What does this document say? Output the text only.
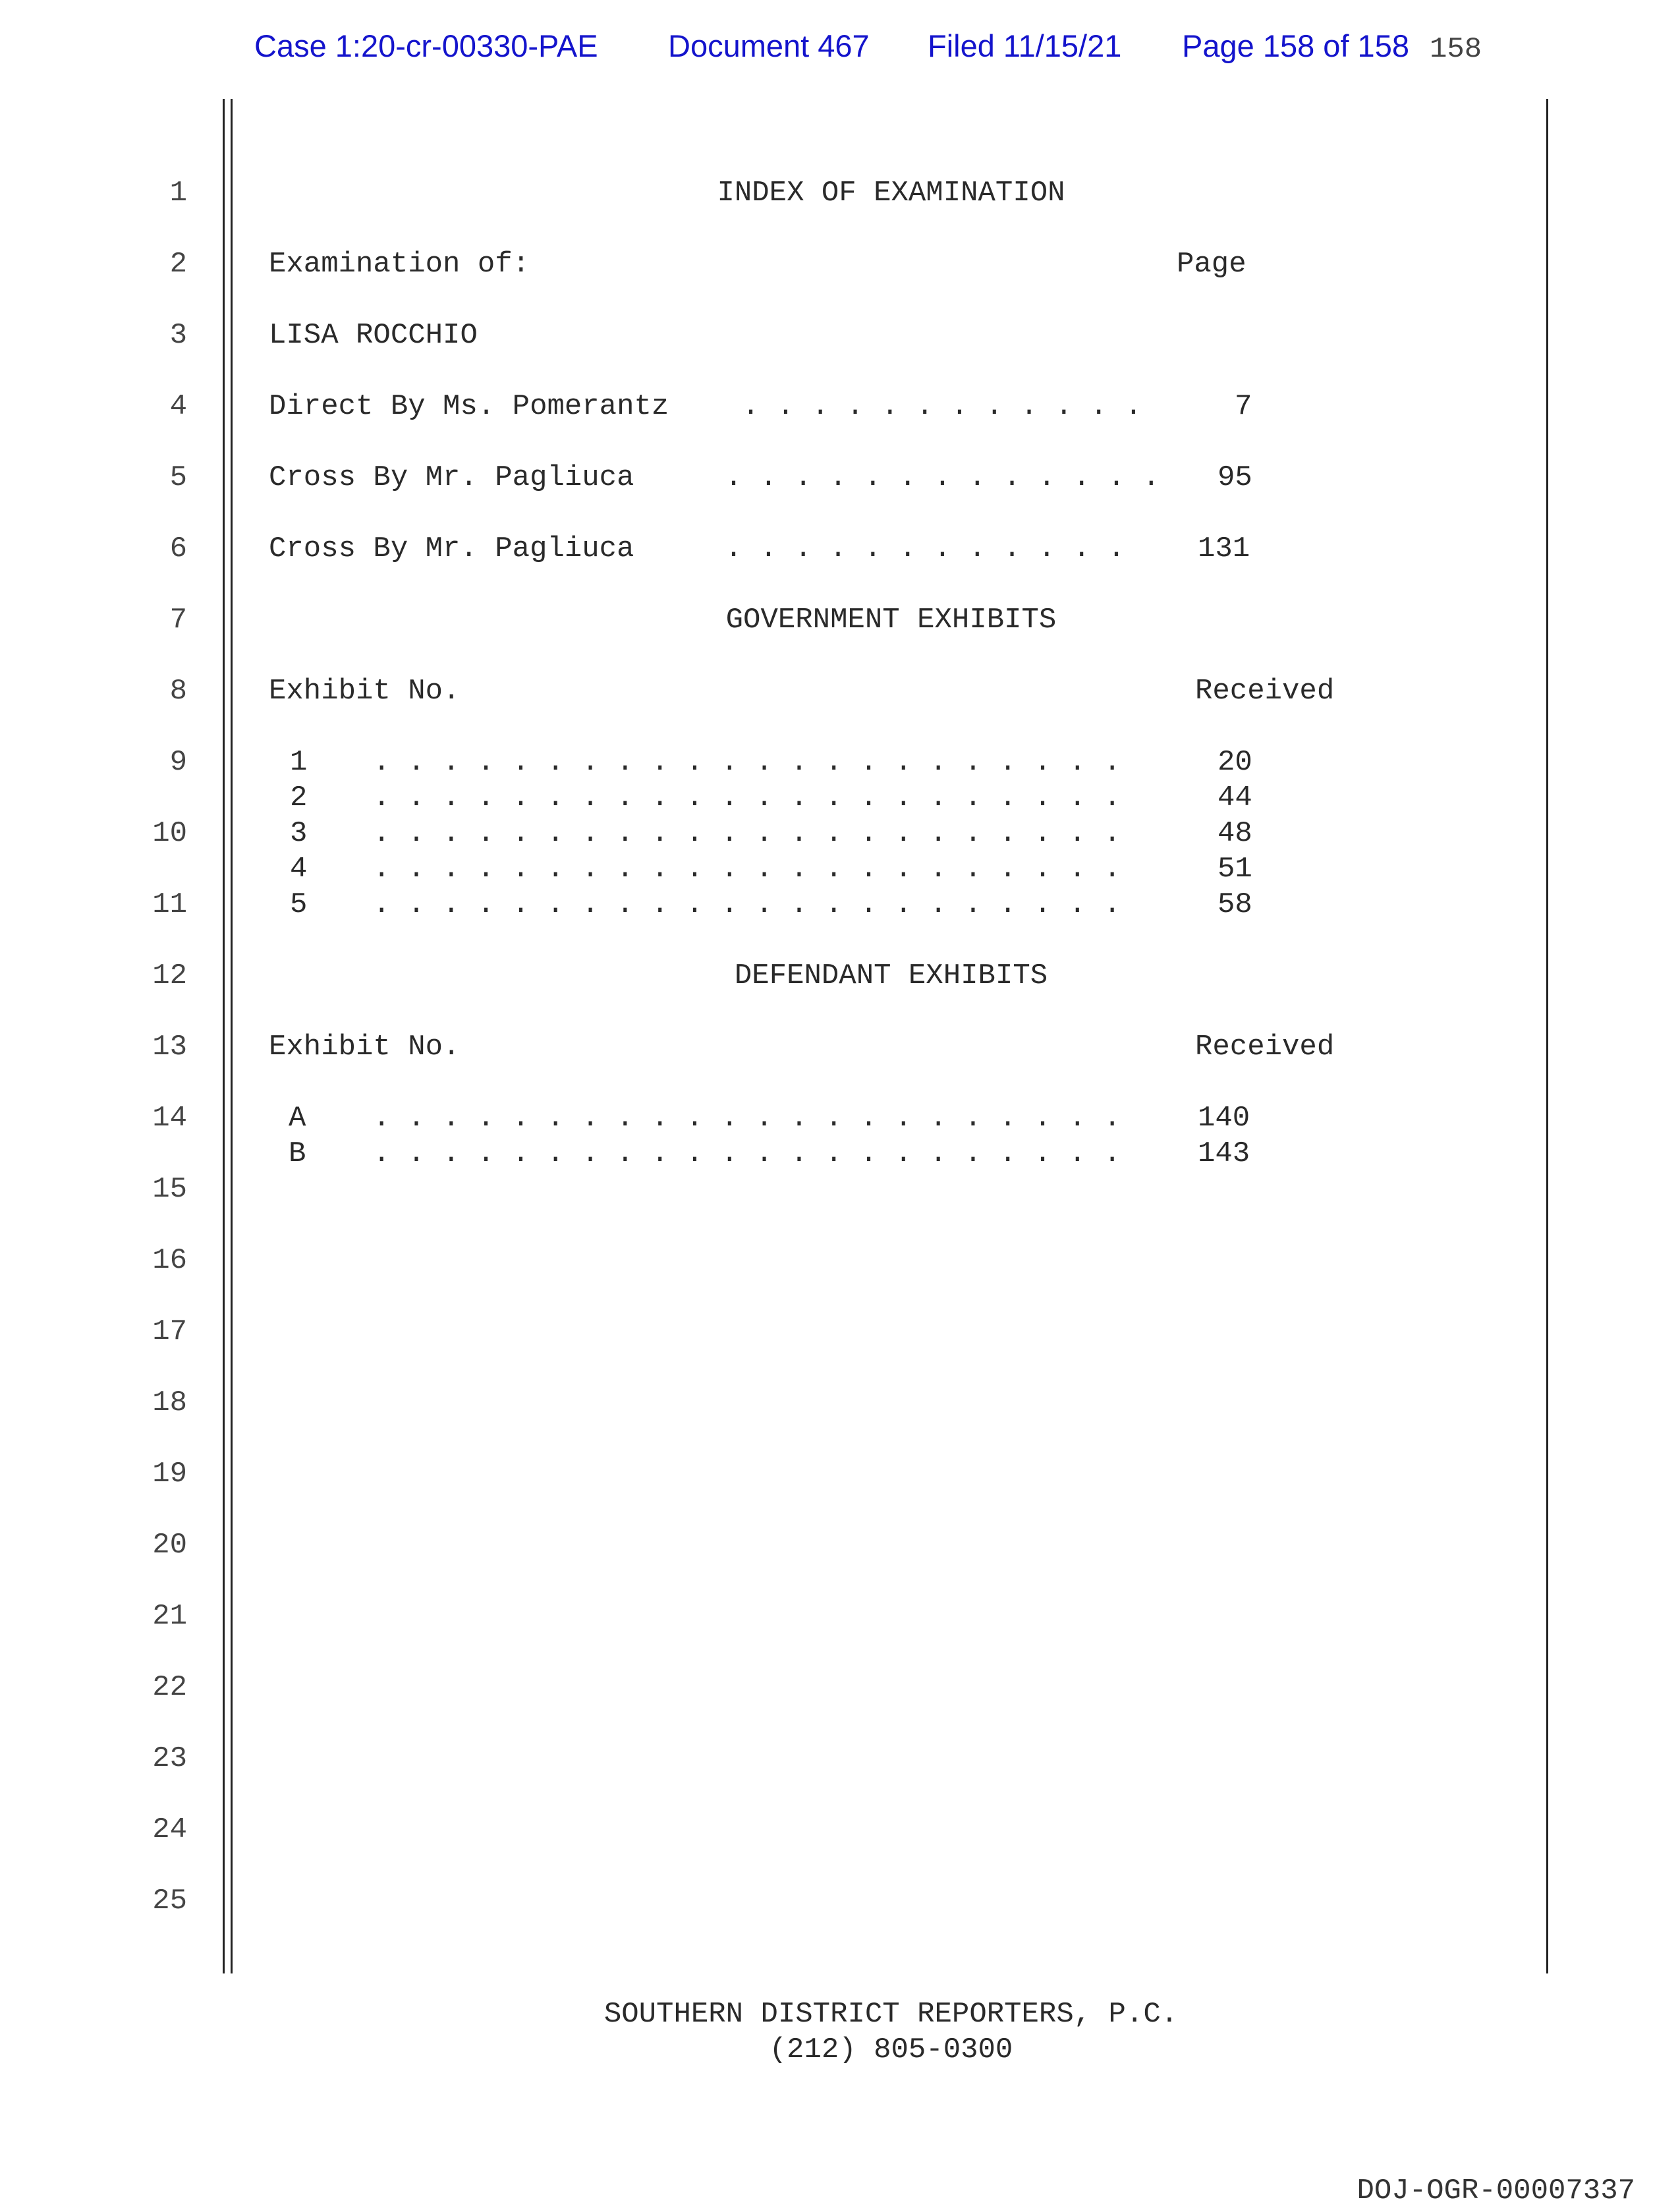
Case 1:20-cr-00330-PAE Document 467 Filed 11/15/21 Page 158 of 158 158
1
2
3
4
5
6
7
8
9
10
11
12
13
14
15
16
17
18
19
20
21
22
23
24
25
INDEX OF EXAMINATION
Examination of:	Page
LISA ROCCHIO
Direct By Ms. Pomerantz . . . . . . . . . . . .	7
Cross By Mr. Pagliuca	. . . . . . . . . . . . . 95
Cross By Mr. Pagliuca	. . . . . . . . . . . . 131
GOVERNMENT EXHIBITS
Exhibit No.	Received
1 . . . . . . . . . . . . . . . . . . . . . .	20
2 . . . . . . . . . . . . . . . . . . . . . .	44
3 . . . . . . . . . . . . . . . . . . . . . .	48
4 . . . . . . . . . . . . . . . . . . . . . .	51
5 . . . . . . . . . . . . . . . . . . . . . .	58
DEFENDANT EXHIBITS
Exhibit No.	Received
A . . . . . . . . . . . . . . . . . . . . . . 140
B . . . . . . . . . . . . . . . . . . . . . . 143
SOUTHERN DISTRICT REPORTERS, P.C.
(212) 805-0300
DOJ-OGR-00007337
